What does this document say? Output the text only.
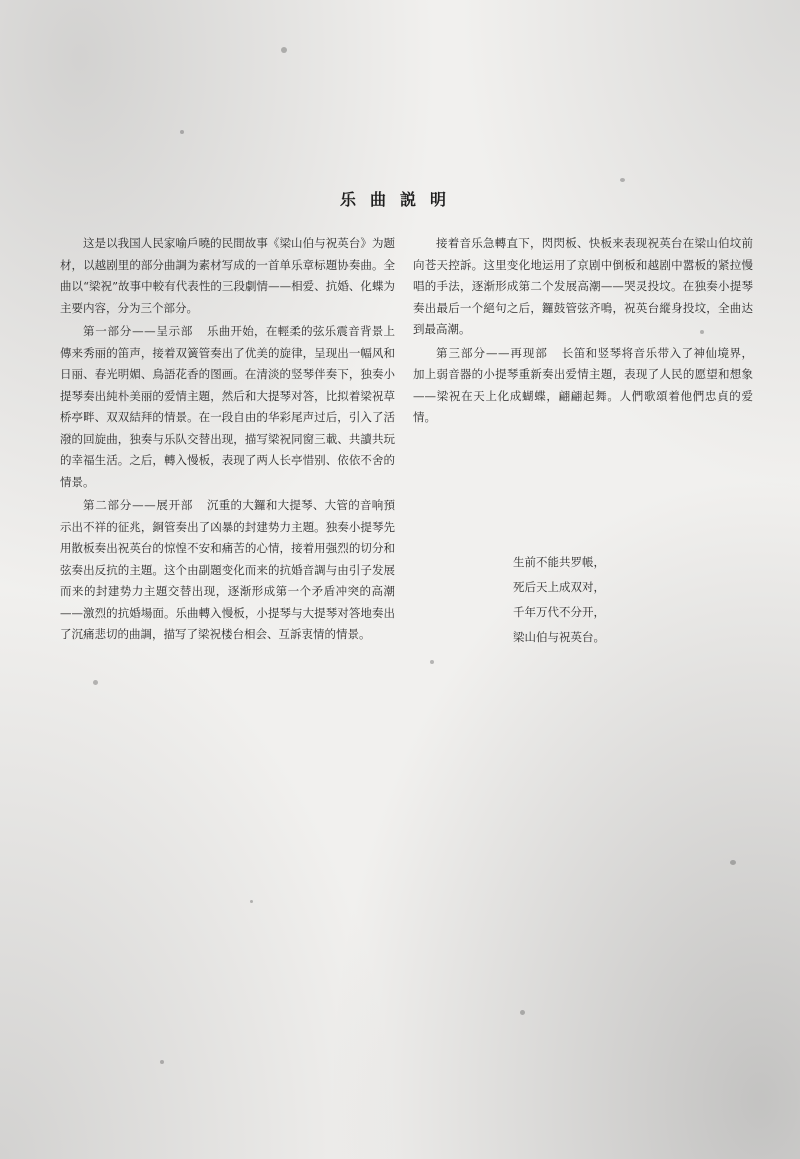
乐曲説明

这是以我国人民家喻戶曉的民間故事《梁山伯与祝英台》为题材，以越剧里的部分曲調为素材写成的一首单乐章标題协奏曲。全曲以“梁祝”故事中較有代表性的三段劇情——相爱、抗婚、化蝶为主要内容，分为三个部分。

第一部分——呈示部 乐曲开始，在輕柔的弦乐震音背景上傳来秀丽的笛声，接着双簧管奏出了优美的旋律，呈现出一幅风和日丽、春光明媚、鳥語花香的图画。在清淡的竖琴伴奏下，独奏小提琴奏出純朴美丽的爱情主題，然后和大提琴对答，比拟着梁祝草桥亭畔、双双結拜的情景。在一段自由的华彩尾声过后，引入了活潑的回旋曲，独奏与乐队交替出现，描写梁祝同窗三載、共讀共玩的幸福生活。之后，轉入慢板，表现了两人长亭惜别、依依不舍的情景。

第二部分——展开部 沉重的大鑼和大提琴、大管的音响預示出不祥的征兆，銅管奏出了凶暴的封建势力主題。独奏小提琴先用散板奏出祝英台的惊惶不安和痛苦的心情，接着用强烈的切分和弦奏出反抗的主題。这个由副題变化而来的抗婚音調与由引子发展而来的封建势力主題交替出现，逐渐形成第一个矛盾冲突的高潮——激烈的抗婚場面。乐曲轉入慢板，小提琴与大提琴对答地奏出了沉痛悲切的曲調，描写了梁祝楼台相会、互訴衷情的情景。

接着音乐急轉直下，閃閃板、快板来表现祝英台在梁山伯坟前向苍天控訴。这里变化地运用了京剧中倒板和越剧中嚣板的紧拉慢唱的手法，逐渐形成第二个发展高潮——哭灵投坟。在独奏小提琴奏出最后一个絕句之后，鑼鼓管弦齐鳴，祝英台縱身投坟，全曲达到最高潮。

第三部分——再现部 长笛和竖琴将音乐带入了神仙境界，加上弱音器的小提琴重新奏出爱情主題，表现了人民的愿望和想象——梁祝在天上化成蝴蝶，翩翩起舞。人們歌頌着他們忠貞的爱情。

生前不能共罗帳，
死后天上成双对，
千年万代不分开，
梁山伯与祝英台。
